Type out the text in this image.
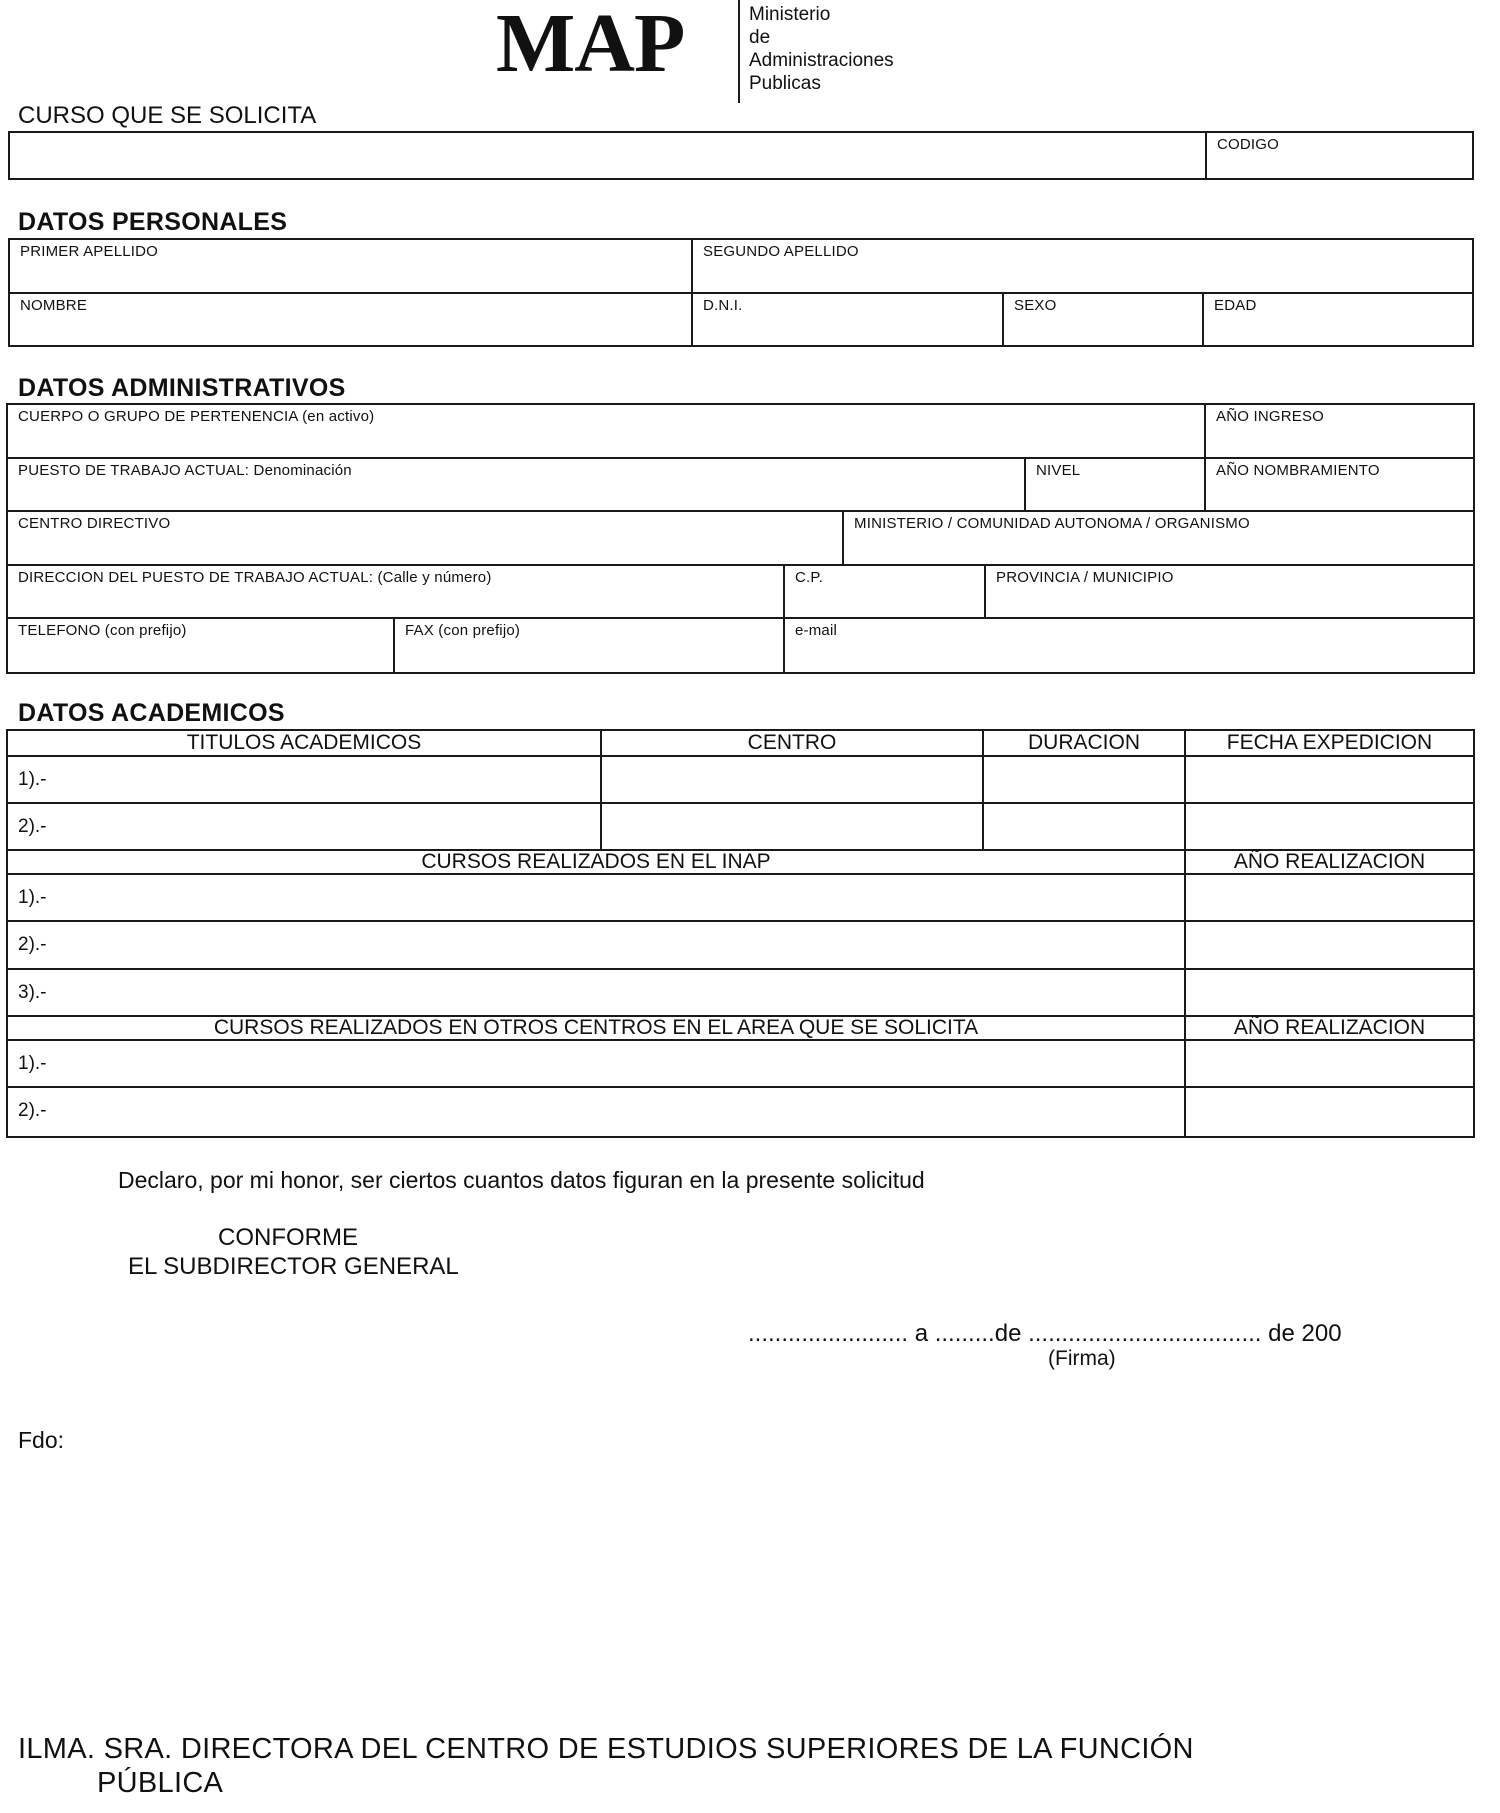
MAP	Ministerio
de
Administraciones
Publicas
CURSO QUE SE SOLICITA
CODIGO
DATOS PERSONALES
PRIMER APELLIDO	SEGUNDO APELLIDO
NOMBRE	D.N.I.	SEXO	EDAD
DATOS ADMINISTRATIVOS
CUERPO O GRUPO DE PERTENENCIA (en activo)	AÑO INGRESO
PUESTO DE TRABAJO ACTUAL: Denominación	NIVEL	AÑO NOMBRAMIENTO
CENTRO DIRECTIVO	MINISTERIO / COMUNIDAD AUTONOMA / ORGANISMO
DIRECCION DEL PUESTO DE TRABAJO ACTUAL: (Calle y número)	C.P.	PROVINCIA / MUNICIPIO
TELEFONO (con prefijo)	FAX (con prefijo)	e-mail
DATOS ACADEMICOS
TITULOS ACADEMICOS	CENTRO	DURACION	FECHA EXPEDICION
1).-
2).-
CURSOS REALIZADOS EN EL INAP	AÑO REALIZACION
1).-
2).-
3).-
CURSOS REALIZADOS EN OTROS CENTROS EN EL AREA QUE SE SOLICITA	AÑO REALIZACION
1).-
2).-
Declaro, por mi honor, ser ciertos cuantos datos figuran en la presente solicitud
CONFORME
EL SUBDIRECTOR GENERAL
........................ a .........de ................................... de 200
(Firma)
Fdo:
ILMA. SRA. DIRECTORA DEL CENTRO DE ESTUDIOS SUPERIORES DE LA FUNCIÓN
PÚBLICA
